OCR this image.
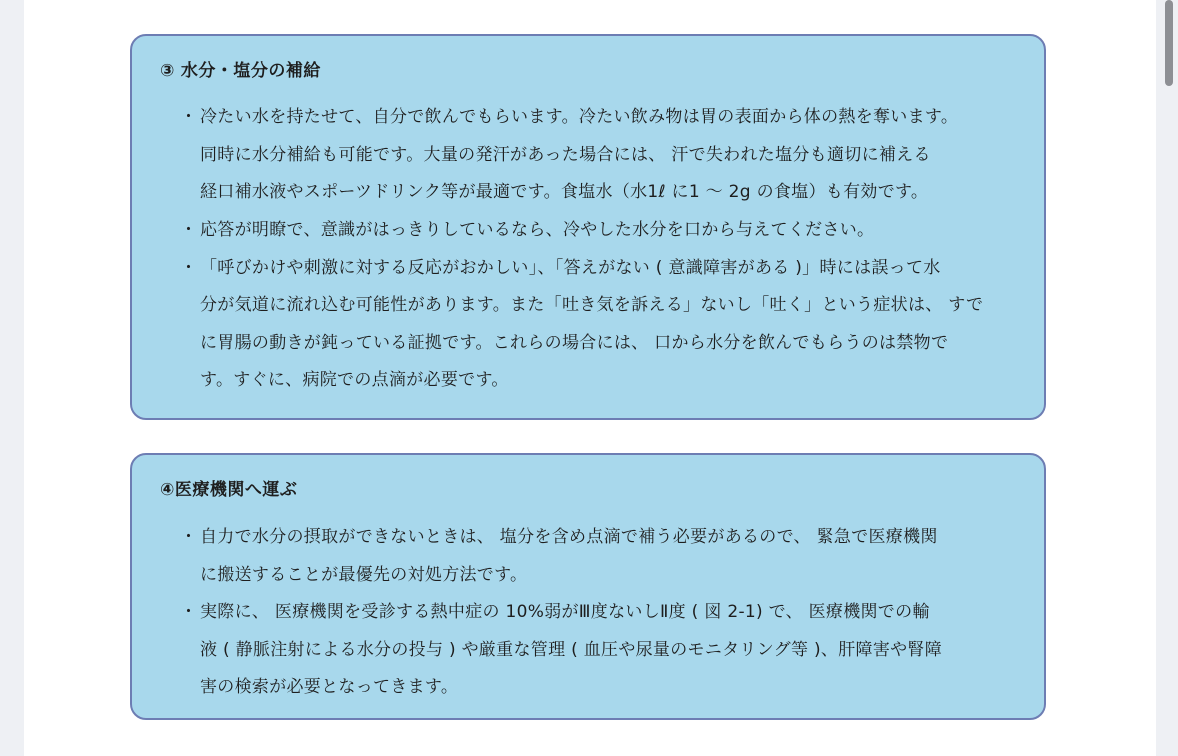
③ 水分・塩分の補給
・ 冷たい水を持たせて、自分で飲んでもらいます。冷たい飲み物は胃の表面から体の熱を奪います。
同時に水分補給も可能です。大量の発汗があった場合には、 汗で失われた塩分も適切に補える
経口補水液やスポーツドリンク等が最適です。食塩水（水1ℓ に1 ～ 2g の食塩）も有効です。
・ 応答が明瞭で、意識がはっきりしているなら、冷やした水分を口から与えてください。
・ 「呼びかけや刺激に対する反応がおかしい」、「答えがない ( 意識障害がある )」時には誤って水
分が気道に流れ込む可能性があります。また「吐き気を訴える」ないし「吐く」という症状は、 すで
に胃腸の動きが鈍っている証拠です。これらの場合には、 口から水分を飲んでもらうのは禁物で
す。すぐに、病院での点滴が必要です。
④医療機関へ運ぶ
・ 自力で水分の摂取ができないときは、 塩分を含め点滴で補う必要があるので、 緊急で医療機関
に搬送することが最優先の対処方法です。
・ 実際に、 医療機関を受診する熱中症の 10%弱がⅢ度ないしⅡ度 ( 図 2-1) で、 医療機関での輸
液 ( 静脈注射による水分の投与 ) や厳重な管理 ( 血圧や尿量のモニタリング等 )、肝障害や腎障
害の検索が必要となってきます。
